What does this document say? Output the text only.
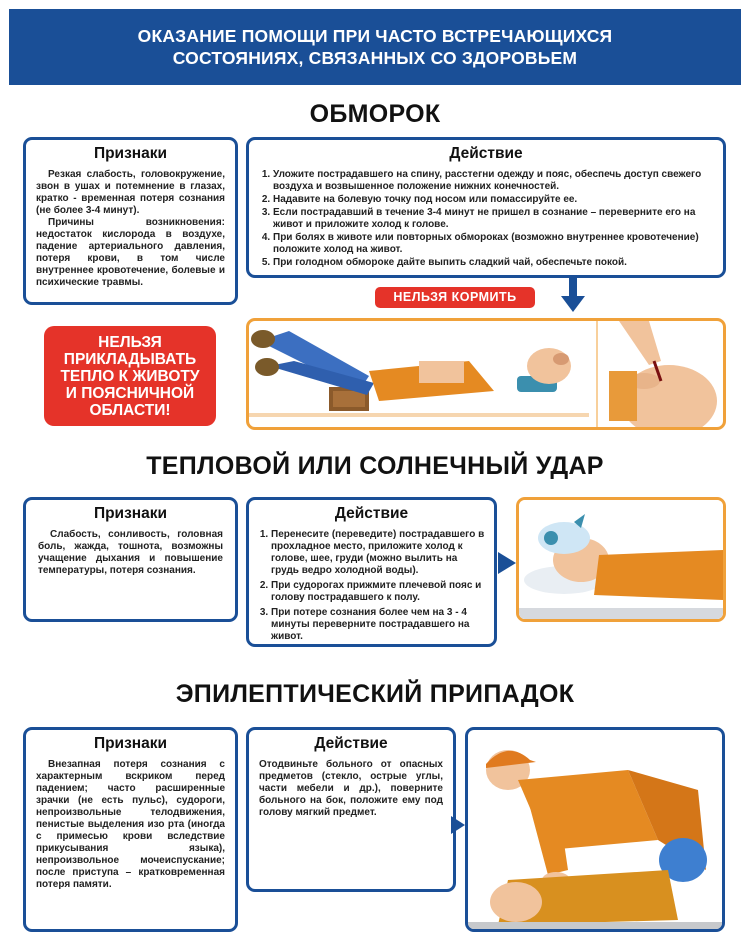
ОКАЗАНИЕ ПОМОЩИ ПРИ ЧАСТО ВСТРЕЧАЮЩИХСЯ
СОСТОЯНИЯХ, СВЯЗАННЫХ СО ЗДОРОВЬЕМ
ОБМОРОК
Признаки

Резкая слабость, головокружение, звон в ушах и потемнение в глазах, кратко - временная потеря сознания (не более 3-4 минут).

Причины возникновения: недостаток кислорода в воздухе, падение артериального давления, потеря крови, в том числе внутреннее кровотечение, болевые и психические травмы.

Действие
1. Уложите пострадавшего на спину, расстегни одежду и пояс, обеспечь доступ свежего воздуха и возвышенное положение нижних конечностей.
2. Надавите на болевую точку под носом или помассируйте ее.
3. Если пострадавший в течение 3-4 минут не пришел в сознание – переверните его на живот и приложите холод к голове.
4. При болях в животе или повторных обмороках (возможно внутреннее кровотечение) положите холод на живот.
5. При голодном обмороке дайте выпить сладкий чай, обеспечьте покой.
НЕЛЬЗЯ КОРМИТЬ
НЕЛЬЗЯ
ПРИКЛАДЫВАТЬ
ТЕПЛО К ЖИВОТУ
И ПОЯСНИЧНОЙ
ОБЛАСТИ!
ТЕПЛОВОЙ ИЛИ СОЛНЕЧНЫЙ УДАР
Признаки

Слабость, сонливость, головная боль, жажда, тошнота, возможны учащение дыхания и повышение температуры, потеря сознания.

Действие
1. Перенесите (переведите) пострадавшего в прохладное место, приложите холод к голове, шее, груди (можно вылить на грудь ведро холодной воды).
2. При судорогах прижмите плечевой пояс и голову пострадавшего к полу.
3. При потере сознания более чем на 3 - 4 минуты переверните пострадавшего на живот.
ЭПИЛЕПТИЧЕСКИЙ ПРИПАДОК
Признаки

Внезапная потеря сознания с характерным вскриком перед падением; часто расширенные зрачки (не есть пульс), судороги, непроизвольные телодвижения, пенистые выделения изо рта (иногда с примесью крови вследствие прикусывания языка), непроизвольное мочеиспускание; после приступа – кратковременная потеря памяти.

Действие

Отодвиньте больного от опасных предметов (стекло, острые углы, части мебели и др.), поверните больного на бок, положите ему под голову мягкий предмет.
